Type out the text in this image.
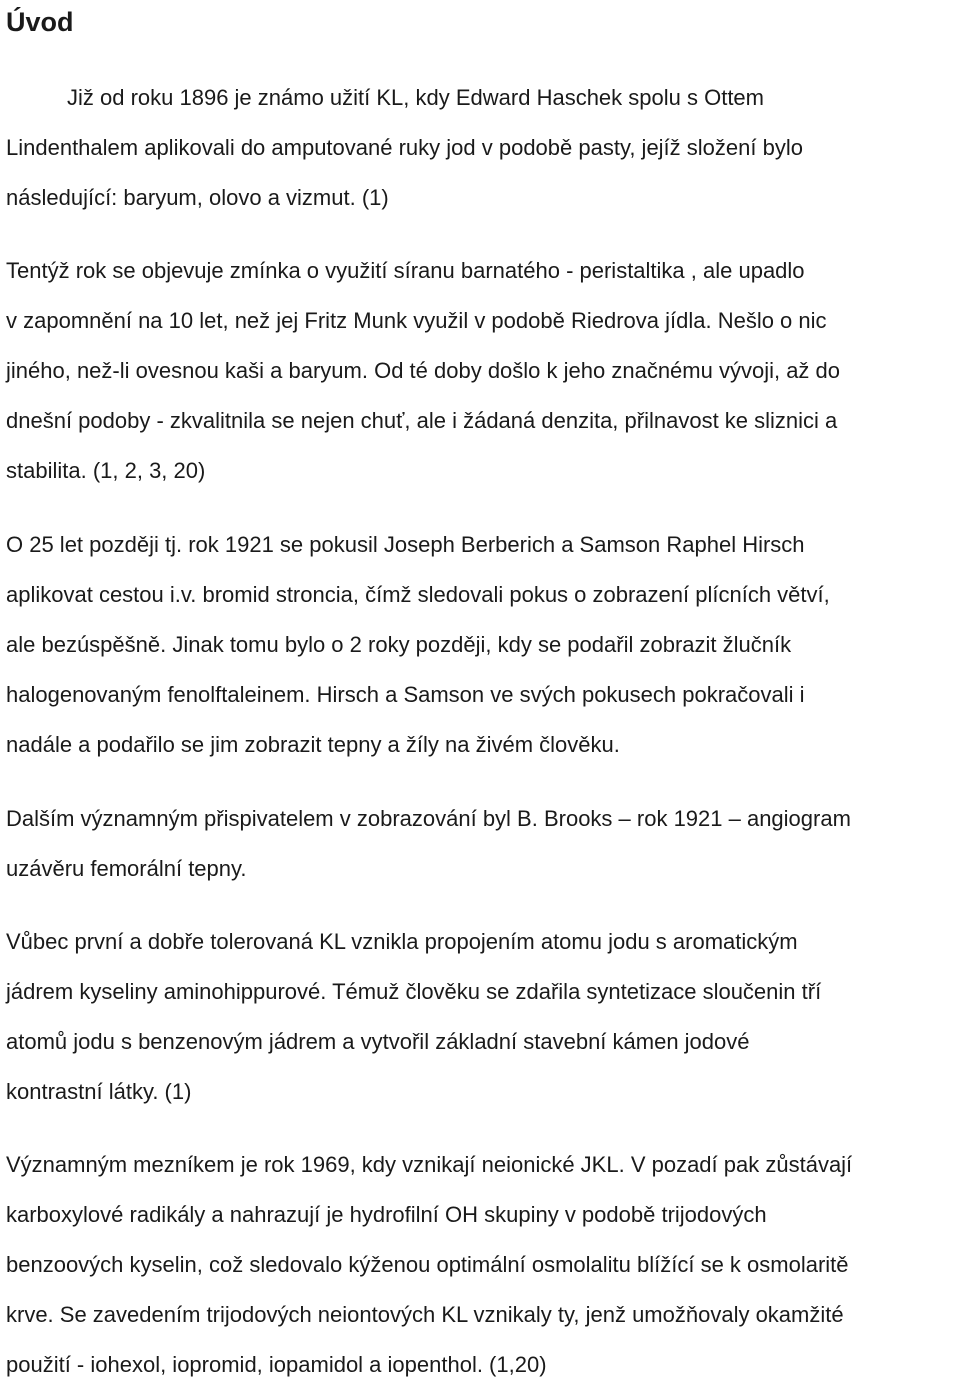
Úvod

Již od roku 1896 je známo užití KL, kdy Edward Haschek spolu s Ottem
Lindenthalem aplikovali do amputované ruky jod v podobě pasty, jejíž složení bylo
následující: baryum, olovo a vizmut. (1)

Tentýž rok se objevuje zmínka o využití síranu barnatého - peristaltika , ale upadlo
v zapomnění na 10 let, než jej Fritz Munk využil v podobě Riedrova jídla. Nešlo o nic
jiného, než-li ovesnou kaši a baryum. Od té doby došlo k jeho značnému vývoji, až do
dnešní podoby - zkvalitnila se nejen chuť, ale i žádaná denzita, přilnavost ke sliznici a
stabilita. (1, 2, 3, 20)

O 25 let později tj. rok 1921 se pokusil Joseph Berberich a Samson Raphel Hirsch
aplikovat cestou i.v. bromid stroncia, čímž sledovali pokus o zobrazení plícních větví,
ale bezúspěšně. Jinak tomu bylo o 2 roky později, kdy se podařil zobrazit žlučník
halogenovaným fenolftaleinem. Hirsch a Samson ve svých pokusech pokračovali i
nadále a podařilo se jim zobrazit tepny a žíly na živém člověku.

Dalším významným přispivatelem v zobrazování byl B. Brooks – rok 1921 – angiogram
uzávěru femorální tepny.

Vůbec první a dobře tolerovaná KL vznikla propojením atomu jodu s aromatickým
jádrem kyseliny aminohippurové. Témuž člověku se zdařila syntetizace sloučenin tří
atomů jodu s benzenovým jádrem a vytvořil základní stavební kámen jodové
kontrastní látky. (1)

Významným mezníkem je rok 1969, kdy vznikají neionické JKL. V pozadí pak zůstávají
karboxylové radikály a nahrazují je hydrofilní OH skupiny v podobě trijodových
benzoových kyselin, což sledovalo kýženou optimální osmolalitu blížící se k osmolaritě
krve. Se zavedením trijodových neiontových KL vznikaly ty, jenž umožňovaly okamžité
použití - iohexol, iopromid, iopamidol a iopenthol. (1,20)
